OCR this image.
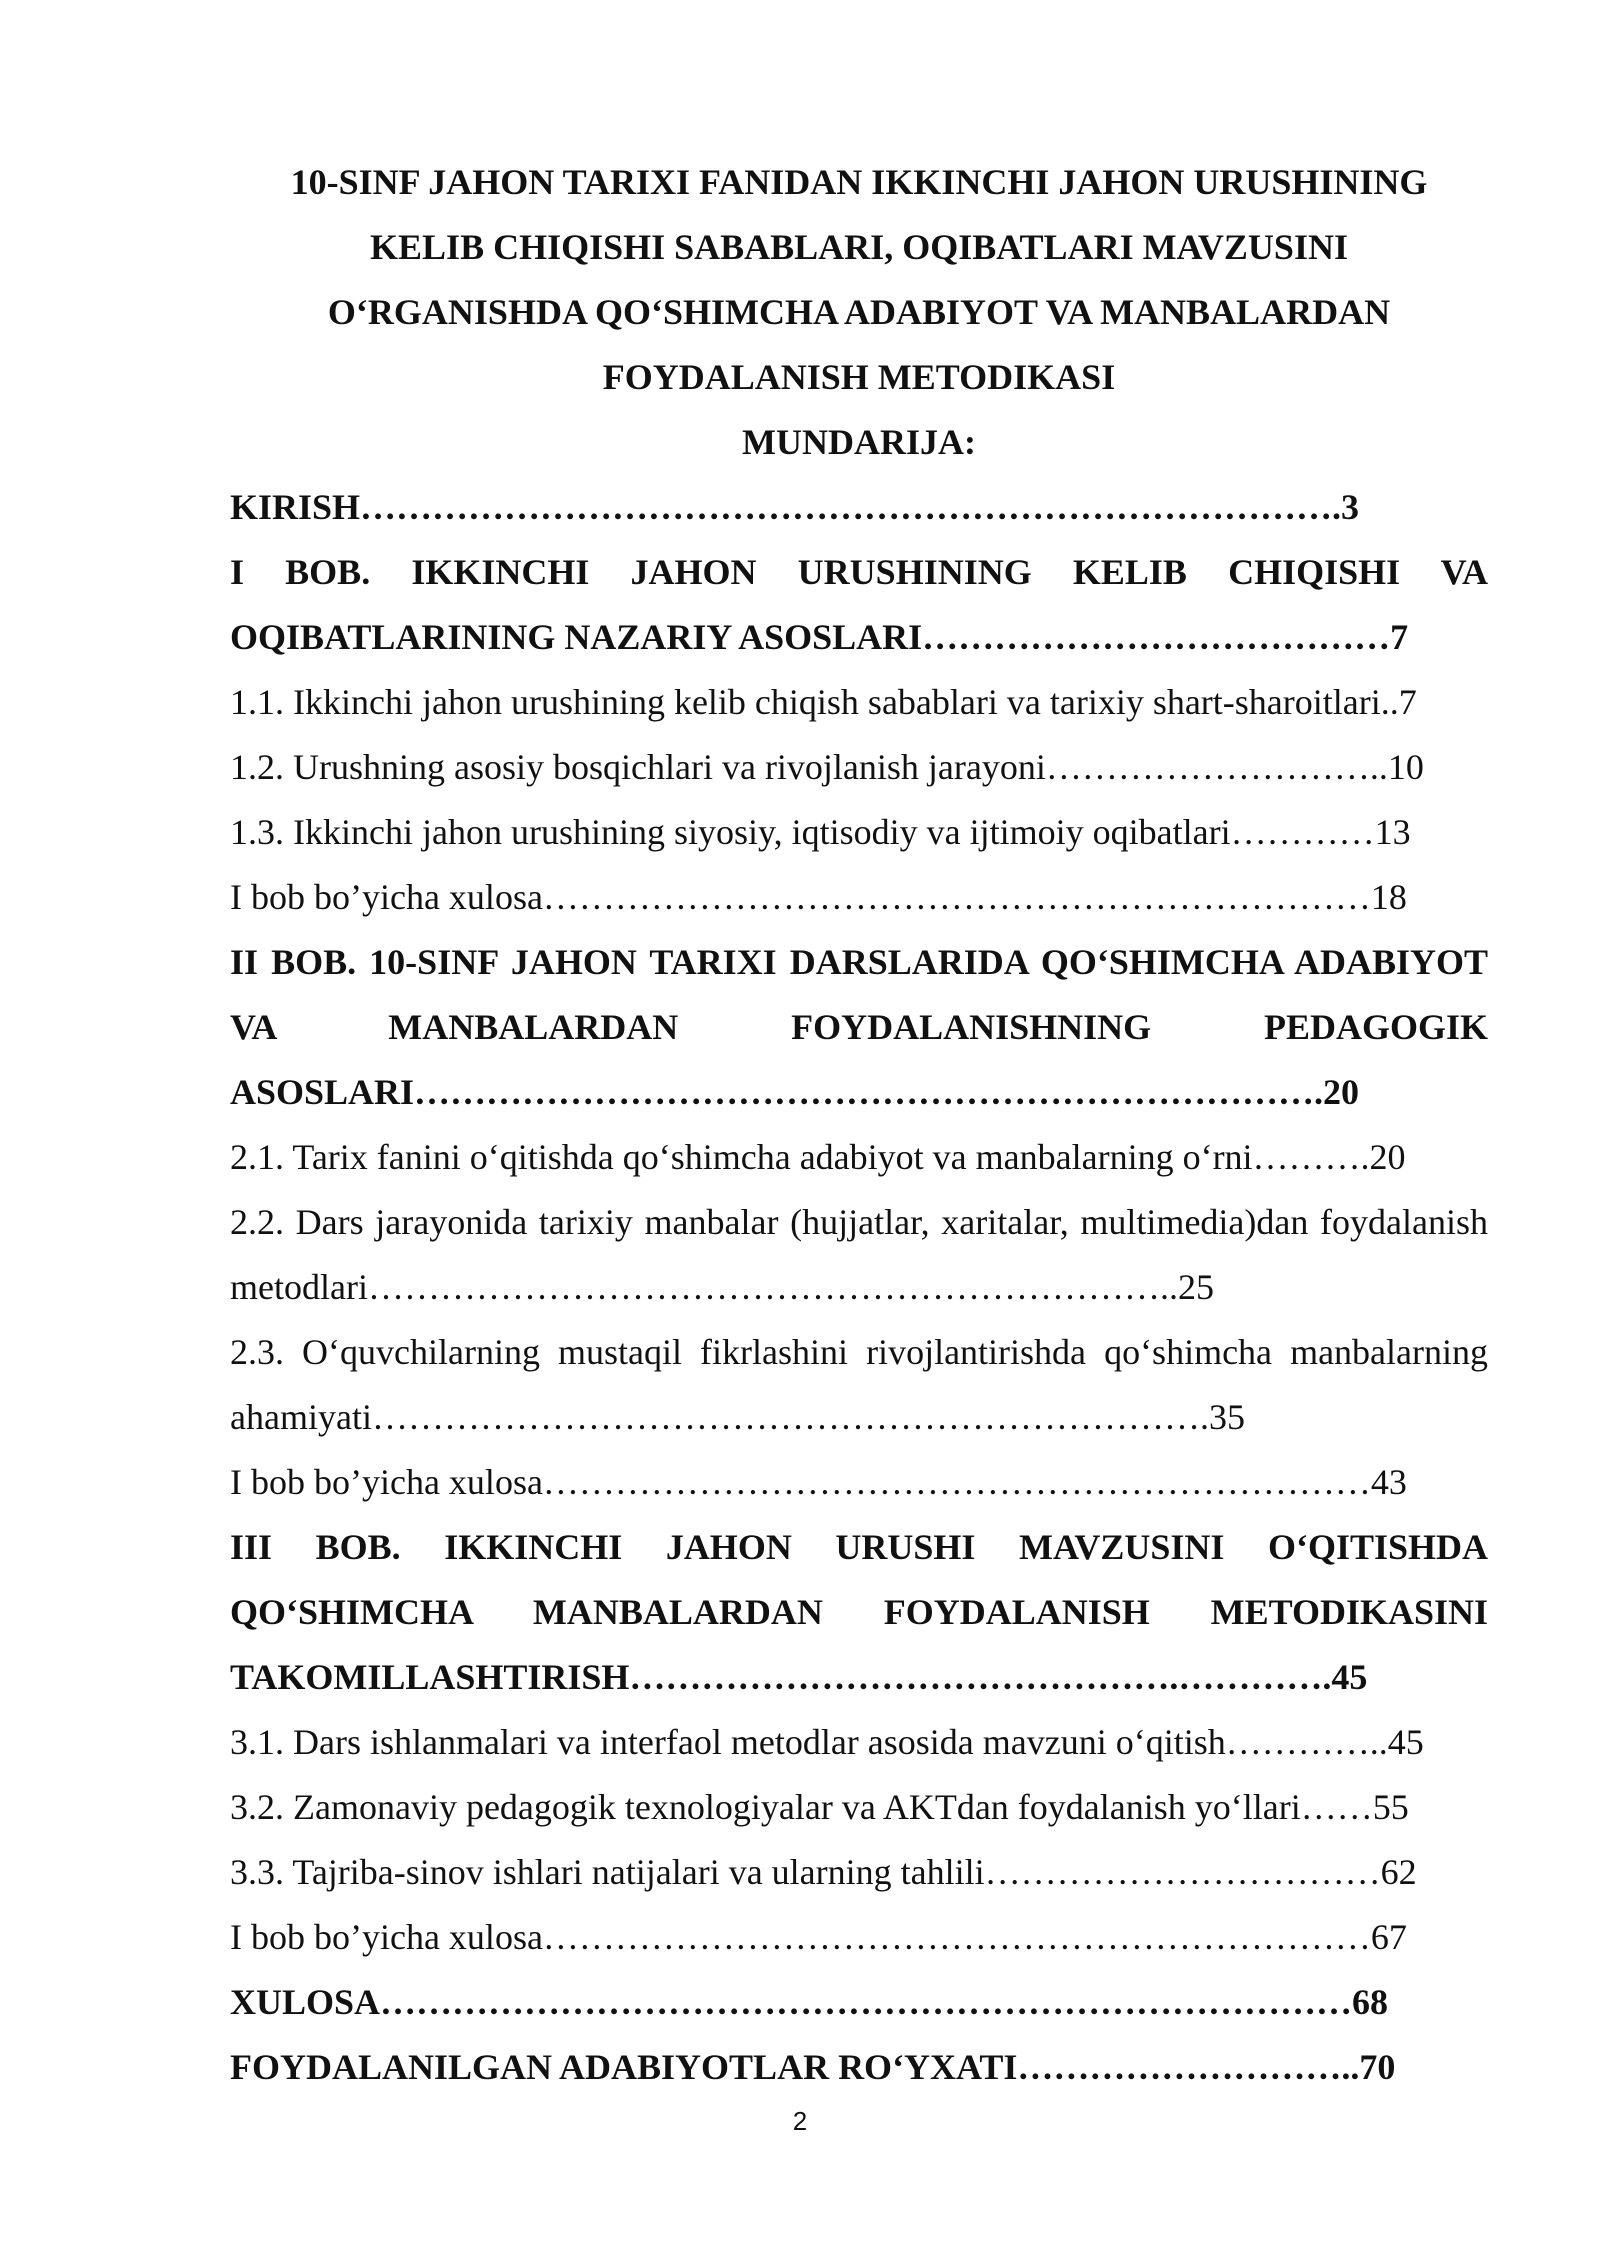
10-SINF JAHON TARIXI FANIDAN IKKINCHI JAHON URUSHINING KELIB CHIQISHI SABABLARI, OQIBATLARI MAVZUSINI O‘RGANISHDA QO‘SHIMCHA ADABIYOT VA MANBALARDAN FOYDALANISH METODIKASI
MUNDARIJA:

KIRISH……………………………………………………………………….3

I BOB. IKKINCHI JAHON URUSHINING KELIB CHIQISHI VA OQIBATLARINING NAZARIY ASOSLARI…………………………………7

1.1. Ikkinchi jahon urushining kelib chiqish sabablari va tarixiy shart-sharoitlari..7

1.2. Urushning asosiy bosqichlari va rivojlanish jarayoni………………………..10

1.3. Ikkinchi jahon urushining siyosiy, iqtisodiy va ijtimoiy oqibatlari…………13

I bob bo’yicha xulosa……………………………………………………………18

II BOB. 10-SINF JAHON TARIXI DARSLARIDA QO‘SHIMCHA ADABIYOT VA MANBALARDAN FOYDALANISHNING PEDAGOGIK ASOSLARI………………………………………………………………….20

2.1. Tarix fanini o‘qitishda qo‘shimcha adabiyot va manbalarning o‘rni……….20

2.2. Dars jarayonida tarixiy manbalar (hujjatlar, xaritalar, multimedia)dan foydalanish metodlari…………………………………………………………..25

2.3. O‘quvchilarning mustaqil fikrlashini rivojlantirishda qo‘shimcha manbalarning ahamiyati…………………………………………………………….35

I bob bo’yicha xulosa……………………………………………………………43

III BOB. IKKINCHI JAHON URUSHI MAVZUSINI O‘QITISHDA QO‘SHIMCHA MANBALARDAN FOYDALANISH METODIKASINI TAKOMILLASHTIRISH……………………………………….………….45

3.1. Dars ishlanmalari va interfaol metodlar asosida mavzuni o‘qitish…………..45

3.2. Zamonaviy pedagogik texnologiyalar va AKTdan foydalanish yo‘llari……55

3.3. Tajriba-sinov ishlari natijalari va ularning tahlili……………………………62

I bob bo’yicha xulosa……………………………………………………………67

XULOSA………………………………………………………………………68

FOYDALANILGAN ADABIYOTLAR RO‘YXATI………………………..70

2
